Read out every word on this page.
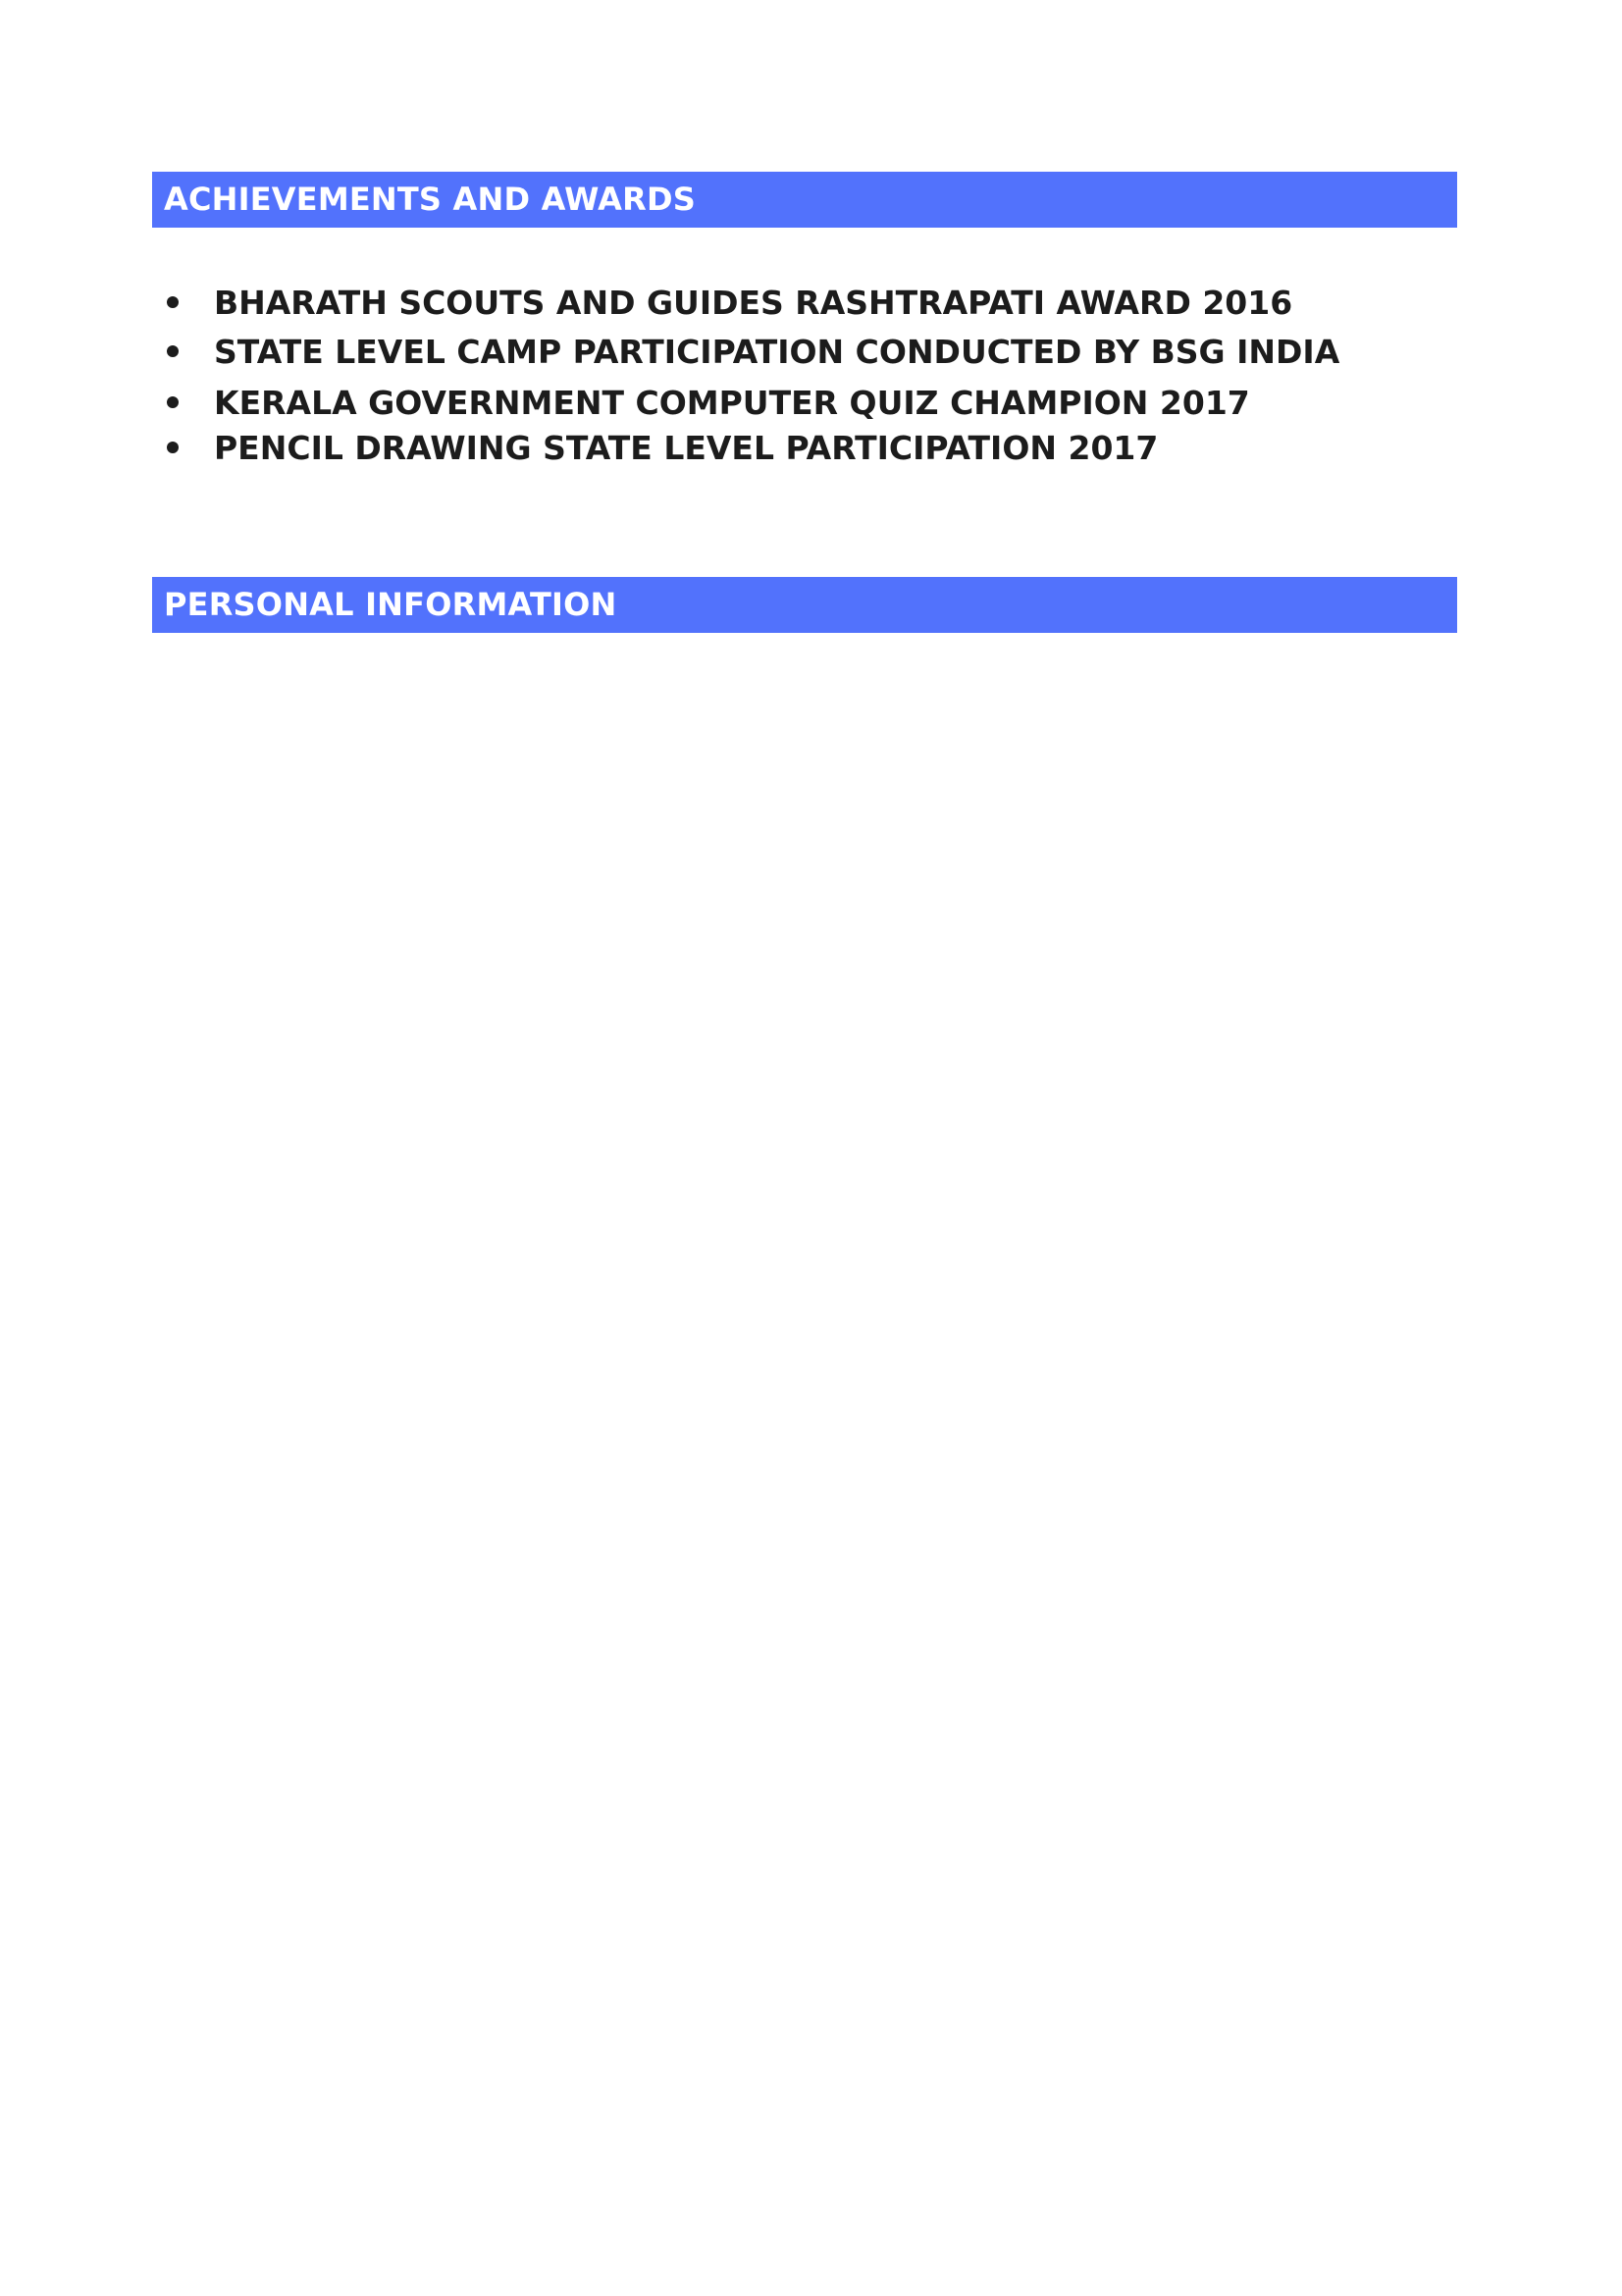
ACHIEVEMENTS AND AWARDS
BHARATH SCOUTS AND GUIDES RASHTRAPATI AWARD 2016
STATE LEVEL CAMP PARTICIPATION CONDUCTED BY BSG INDIA
KERALA GOVERNMENT COMPUTER QUIZ CHAMPION 2017
PENCIL DRAWING STATE LEVEL PARTICIPATION 2017
PERSONAL INFORMATION
